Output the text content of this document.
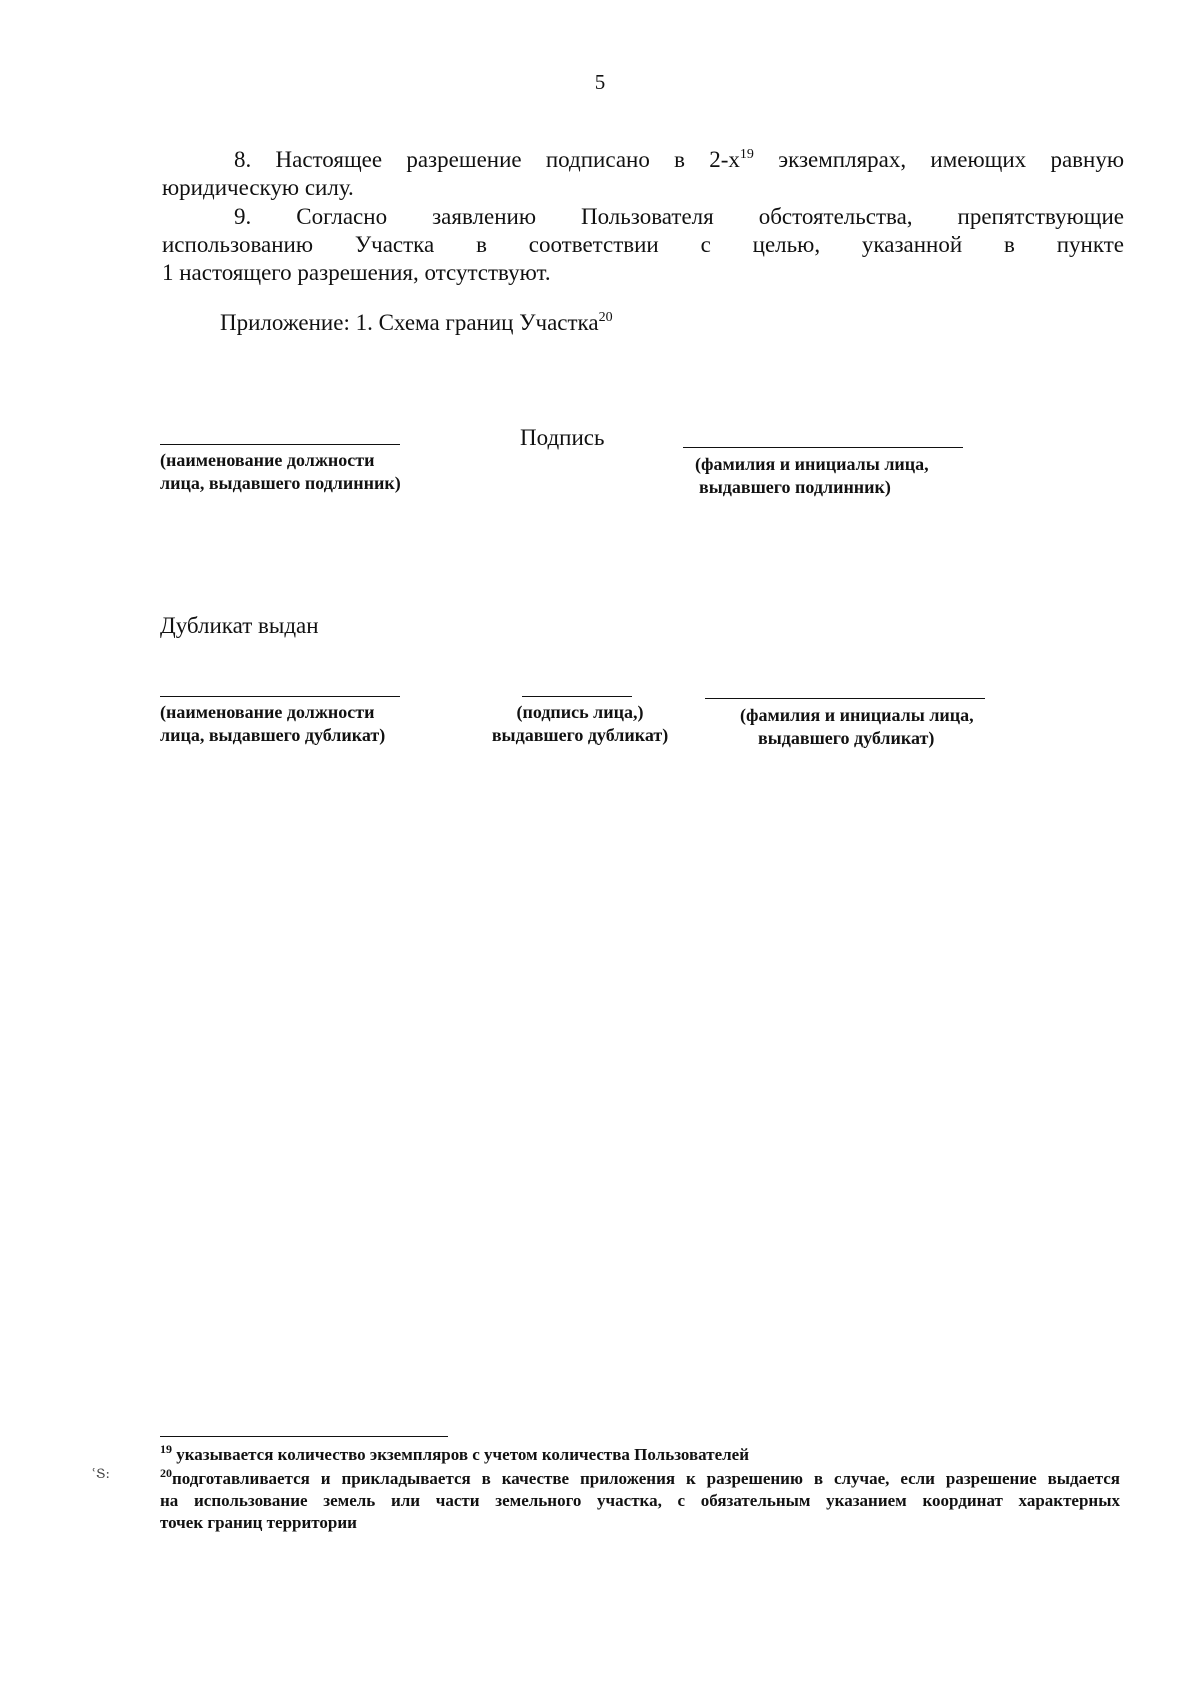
5
8. Настоящее разрешение подписано в $2-х^{19}$ экземплярах, имеющих равную
юридическую силу.
9. Согласно заявлению Пользователя обстоятельства, препятствующие
использованию Участка в соответствии с целью, указанной в пункте
1 настоящего разрешения, отсутствуют.
Приложение: 1. Схема границ Участка$^{20}$
Подпись
(наименование должности
лица, выдавшего подлинник)
(фамилия и инициалы лица,
выдавшего подлинник)
Дубликат выдан
(наименование должности
лица, выдавшего дубликат)
(подпись лица,)
выдавшего дубликат)
(фамилия и инициалы лица,
выдавшего дубликат)
$^{19}$ указывается количество экземпляров с учетом количества Пользователей
$^{20}$подготавливается и прикладывается в качестве приложения к разрешению в случае, если разрешение выдается
на использование земель или части земельного участка, с обязательным указанием координат характерных
точек границ территории
ՙՏ։
